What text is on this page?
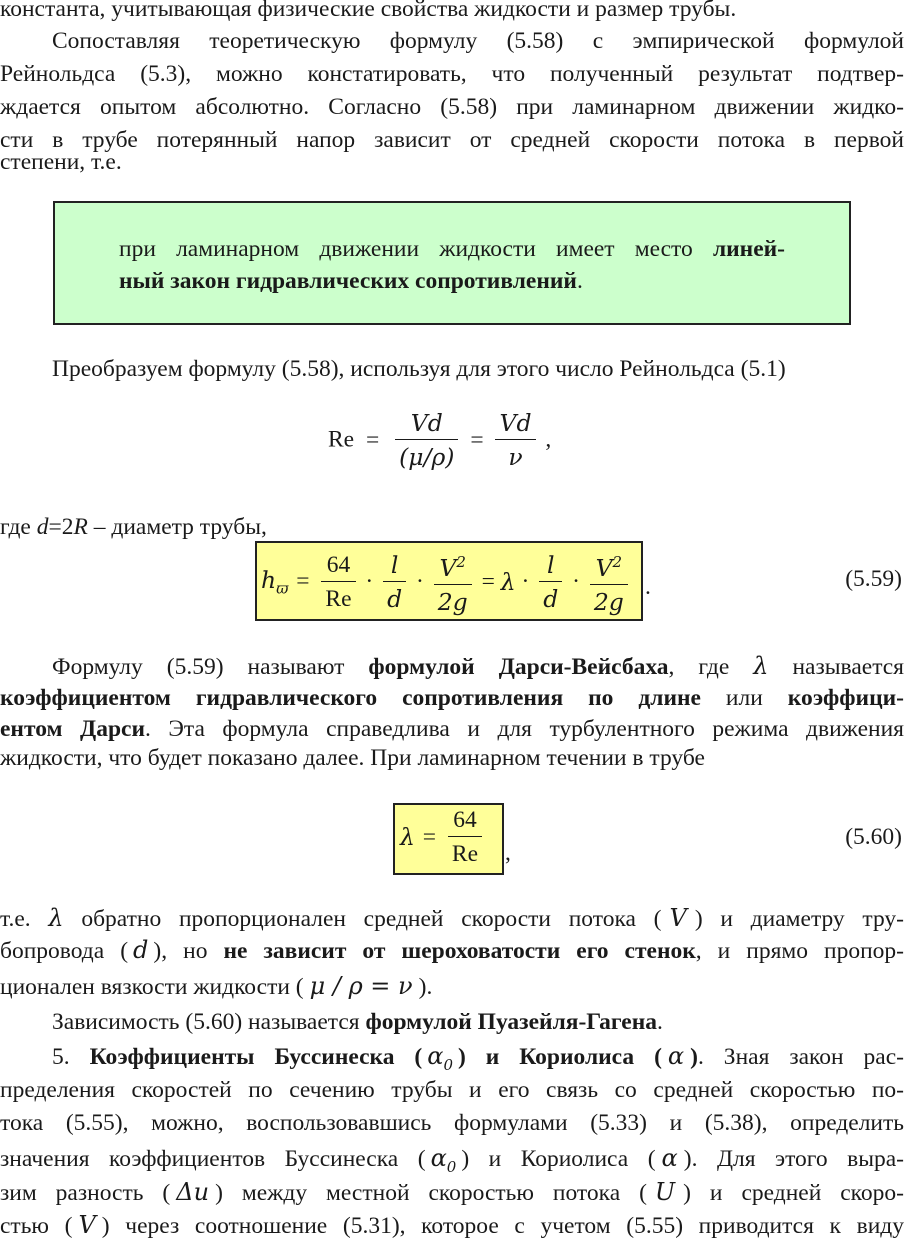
константа, учитывающая физические свойства жидкости и размер трубы.
Сопоставляя теоретическую формулу (5.58) с эмпирической формулой
Рейнольдса (5.3), можно констатировать, что полученный результат подтвер-
ждается опытом абсолютно. Согласно (5.58) при ламинарном движении жидко-
сти в трубе потерянный напор зависит от средней скорости потока в первой
степени, т.е.
при ламинарном движении жидкости имеет место линей-
ный закон гидравлических сопротивлений.
Преобразуем формулу (5.58), используя для этого число Рейнольдса (5.1)
$Re = \frac{Vd}{(\mu/\rho)} = \frac{Vd}{\nu}$ ,
где d=2R – диаметр трубы,
$h_ϖ = \frac{64}{Re} \cdot \frac{l}{d} \cdot \frac{V^2}{2g} = \lambda \cdot \frac{l}{d} \cdot \frac{V^2}{2g}$ .	(5.59)
Формулу (5.59) называют формулой Дарси-Вейсбаха, где λ называется
коэффициентом гидравлического сопротивления по длине или коэффици-
ентом Дарси. Эта формула справедлива и для турбулентного режима движения
жидкости, что будет показано далее. При ламинарном течении в трубе
$\lambda = \frac{64}{Re}$ ,
(5.60)
т.е. λ обратно пропорционален средней скорости потока ( V ) и диаметру тру-
бопровода ( d ), но не зависит от шероховатости его стенок, и прямо пропор-
ционален вязкости жидкости ( μ / ρ = ν ).
Зависимость (5.60) называется формулой Пуазейля-Гагена.
5. Коэффициенты Буссинеска ( $\alpha_0$ ) и Кориолиса ( α ). Зная закон рас-
пределения скоростей по сечению трубы и его связь со средней скоростью по-
тока (5.55), можно, воспользовавшись формулами (5.33) и (5.38), определить
значения коэффициентов Буссинеска ( $\alpha_0$ ) и Кориолиса ( α ). Для этого выра-
зим разность ( Δu ) между местной скоростью потока ( U ) и средней скоро-
стью ( V ) через соотношение (5.31), которое с учетом (5.55) приводится к виду
